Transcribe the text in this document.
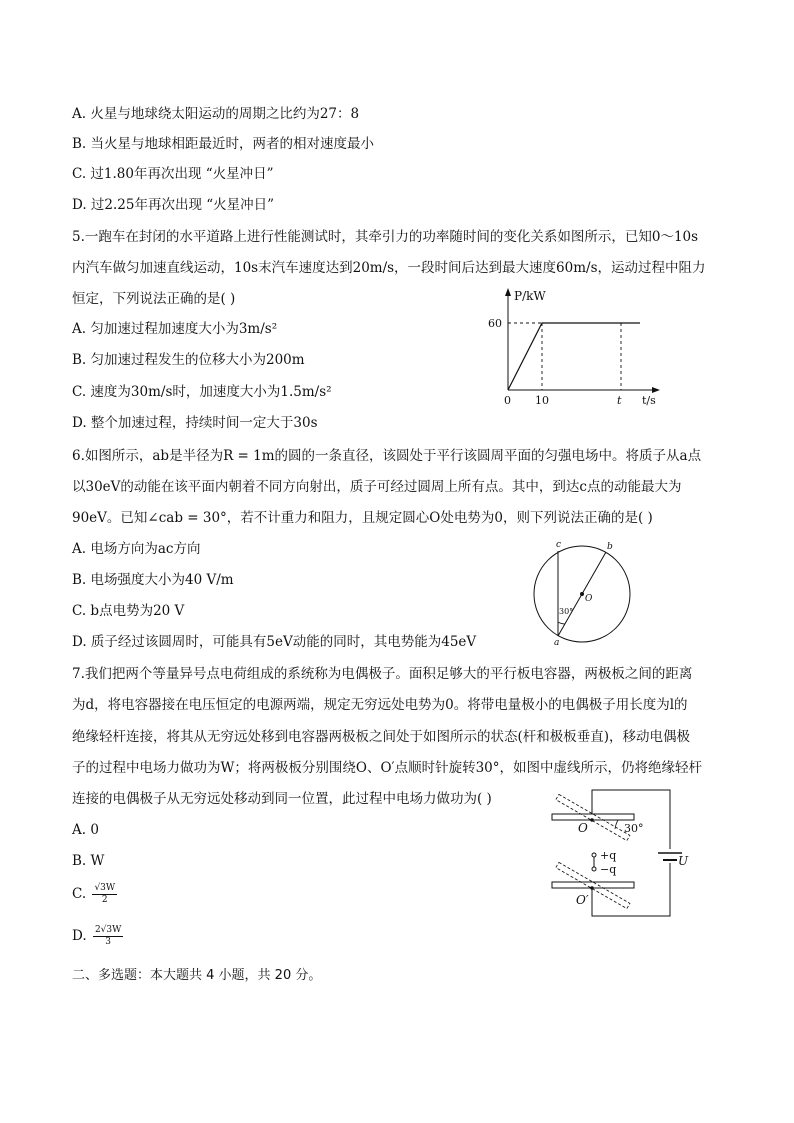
A. 火星与地球绕太阳运动的周期之比约为27：8
B. 当火星与地球相距最近时，两者的相对速度最小
C. 过1.80年再次出现 “火星冲日”
D. 过2.25年再次出现 “火星冲日”
5.一跑车在封闭的水平道路上进行性能测试时，其牵引力的功率随时间的变化关系如图所示，已知0～10s
内汽车做匀加速直线运动，10s末汽车速度达到20m/s，一段时间后达到最大速度60m/s，运动过程中阻力
恒定，下列说法正确的是( )
A. 匀加速过程加速度大小为3m/s²
B. 匀加速过程发生的位移大小为200m
C. 速度为30m/s时，加速度大小为1.5m/s²
D. 整个加速过程，持续时间一定大于30s
P/kW
60
0 10	t t/s
6.如图所示，ab是半径为R = 1m的圆的一条直径，该圆处于平行该圆周平面的匀强电场中。将质子从a点
以30eV的动能在该平面内朝着不同方向射出，质子可经过圆周上所有点。其中，到达c点的动能最大为
90eV。已知∠cab = 30°，若不计重力和阻力，且规定圆心O处电势为0，则下列说法正确的是( )
A. 电场方向为ac方向
B. 电场强度大小为40 V/m
C. b点电势为20 V
D. 质子经过该圆周时，可能具有5eV动能的同时，其电势能为45eV
c	b
O
30°
a
7.我们把两个等量异号点电荷组成的系统称为电偶极子。面积足够大的平行板电容器，两极板之间的距离
为d，将电容器接在电压恒定的电源两端，规定无穷远处电势为0。将带电量极小的电偶极子用长度为l的
绝缘轻杆连接，将其从无穷远处移到电容器两极板之间处于如图所示的状态(杆和极板垂直)，移动电偶极
子的过程中电场力做功为W；将两极板分别围绕O、O′点顺时针旋转30°，如图中虚线所示，仍将绝缘轻杆
连接的电偶极子从无穷远处移动到同一位置，此过程中电场力做功为( )
A. 0
B. W
C. $\frac{√3W}{2}$
D. $\frac{2√3W}{3}$
U
O
O′
30°
+q
−q
二、多选题：本大题共 4 小题，共 20 分。
